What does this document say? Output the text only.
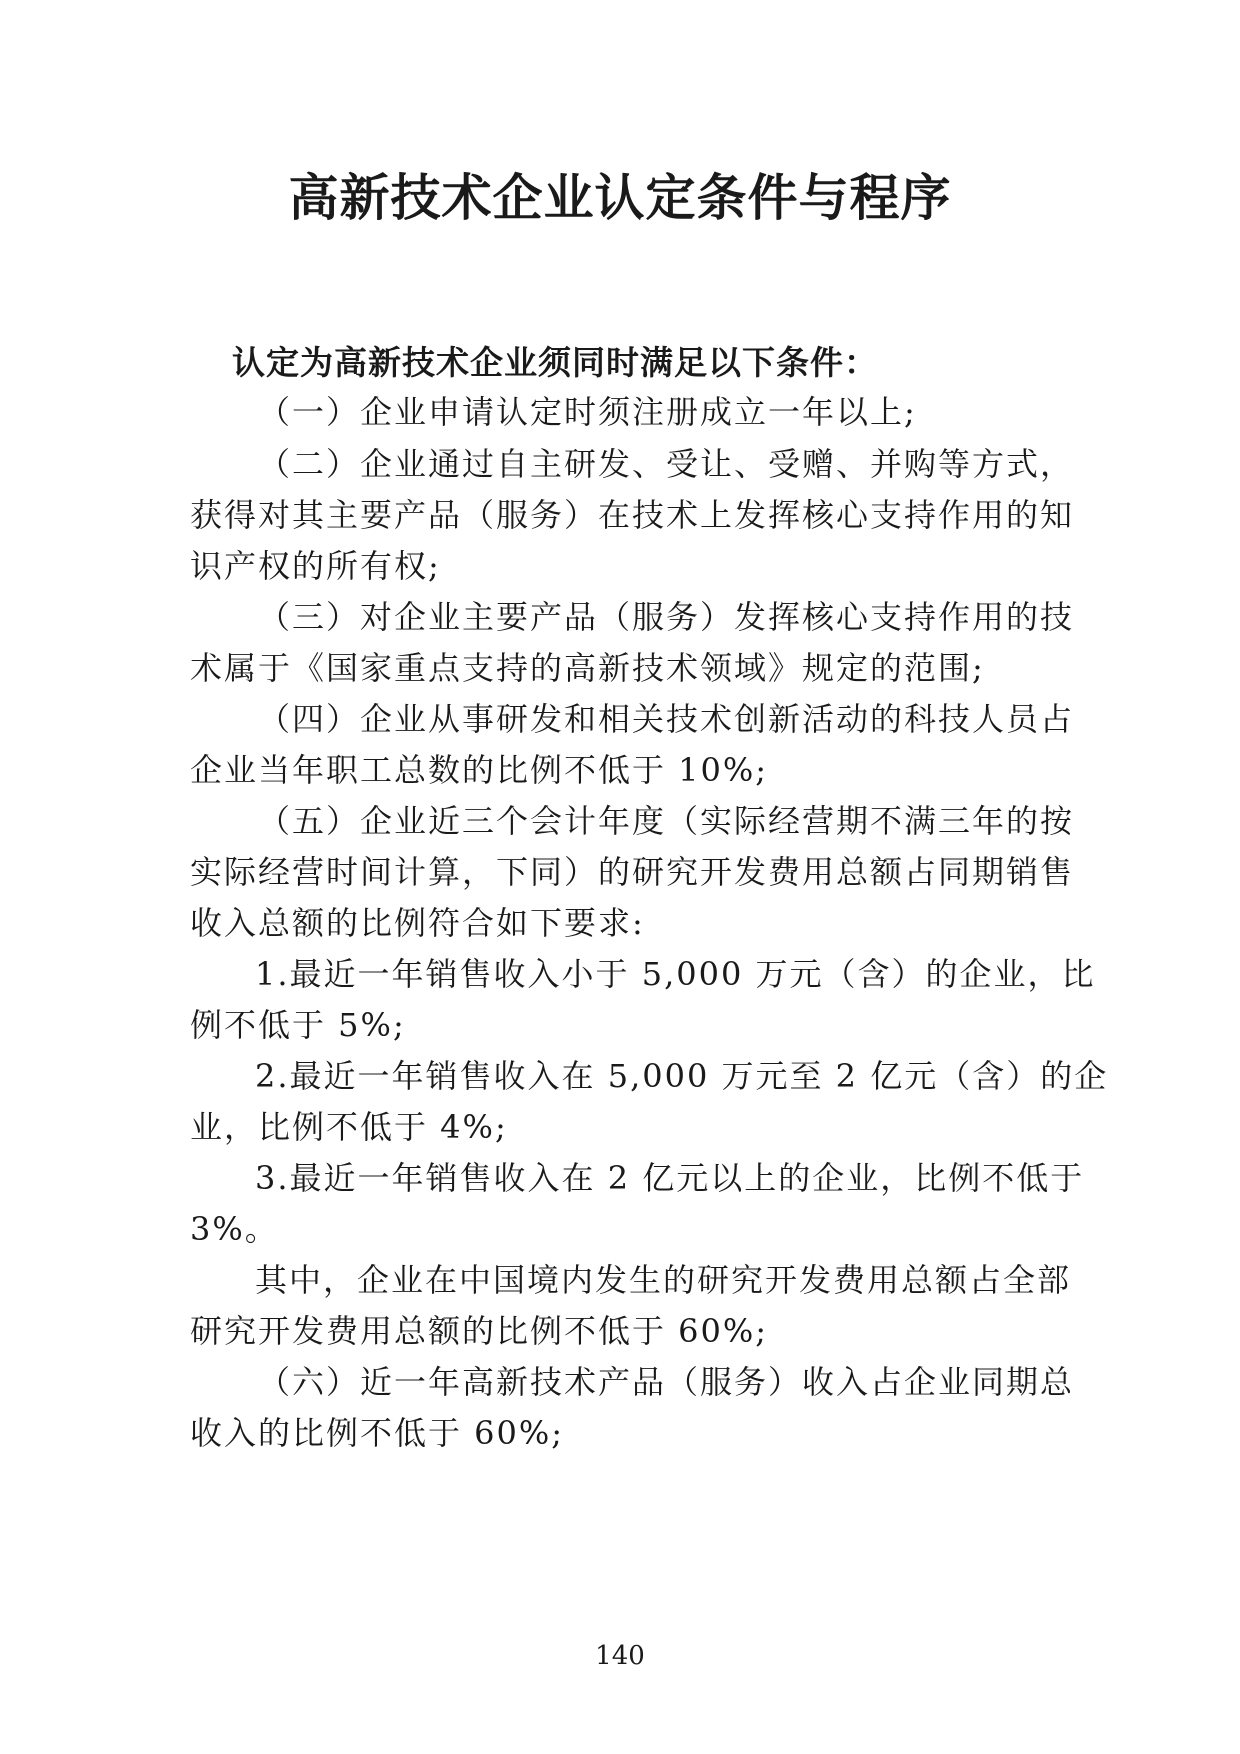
高新技术企业认定条件与程序
认定为高新技术企业须同时满足以下条件：
（一）企业申请认定时须注册成立一年以上;
（二）企业通过自主研发、受让、受赠、并购等方式，
获得对其主要产品（服务）在技术上发挥核心支持作用的知
识产权的所有权;
（三）对企业主要产品（服务）发挥核心支持作用的技
术属于《国家重点支持的高新技术领域》规定的范围;
（四）企业从事研发和相关技术创新活动的科技人员占
企业当年职工总数的比例不低于 10%;
（五）企业近三个会计年度（实际经营期不满三年的按
实际经营时间计算，下同）的研究开发费用总额占同期销售
收入总额的比例符合如下要求:
1.最近一年销售收入小于 5,000 万元（含）的企业，比
例不低于 5%;
2.最近一年销售收入在 5,000 万元至 2 亿元（含）的企
业，比例不低于 4%;
3.最近一年销售收入在 2 亿元以上的企业，比例不低于
3%。
其中，企业在中国境内发生的研究开发费用总额占全部
研究开发费用总额的比例不低于 60%;
（六）近一年高新技术产品（服务）收入占企业同期总
收入的比例不低于 60%;
140
